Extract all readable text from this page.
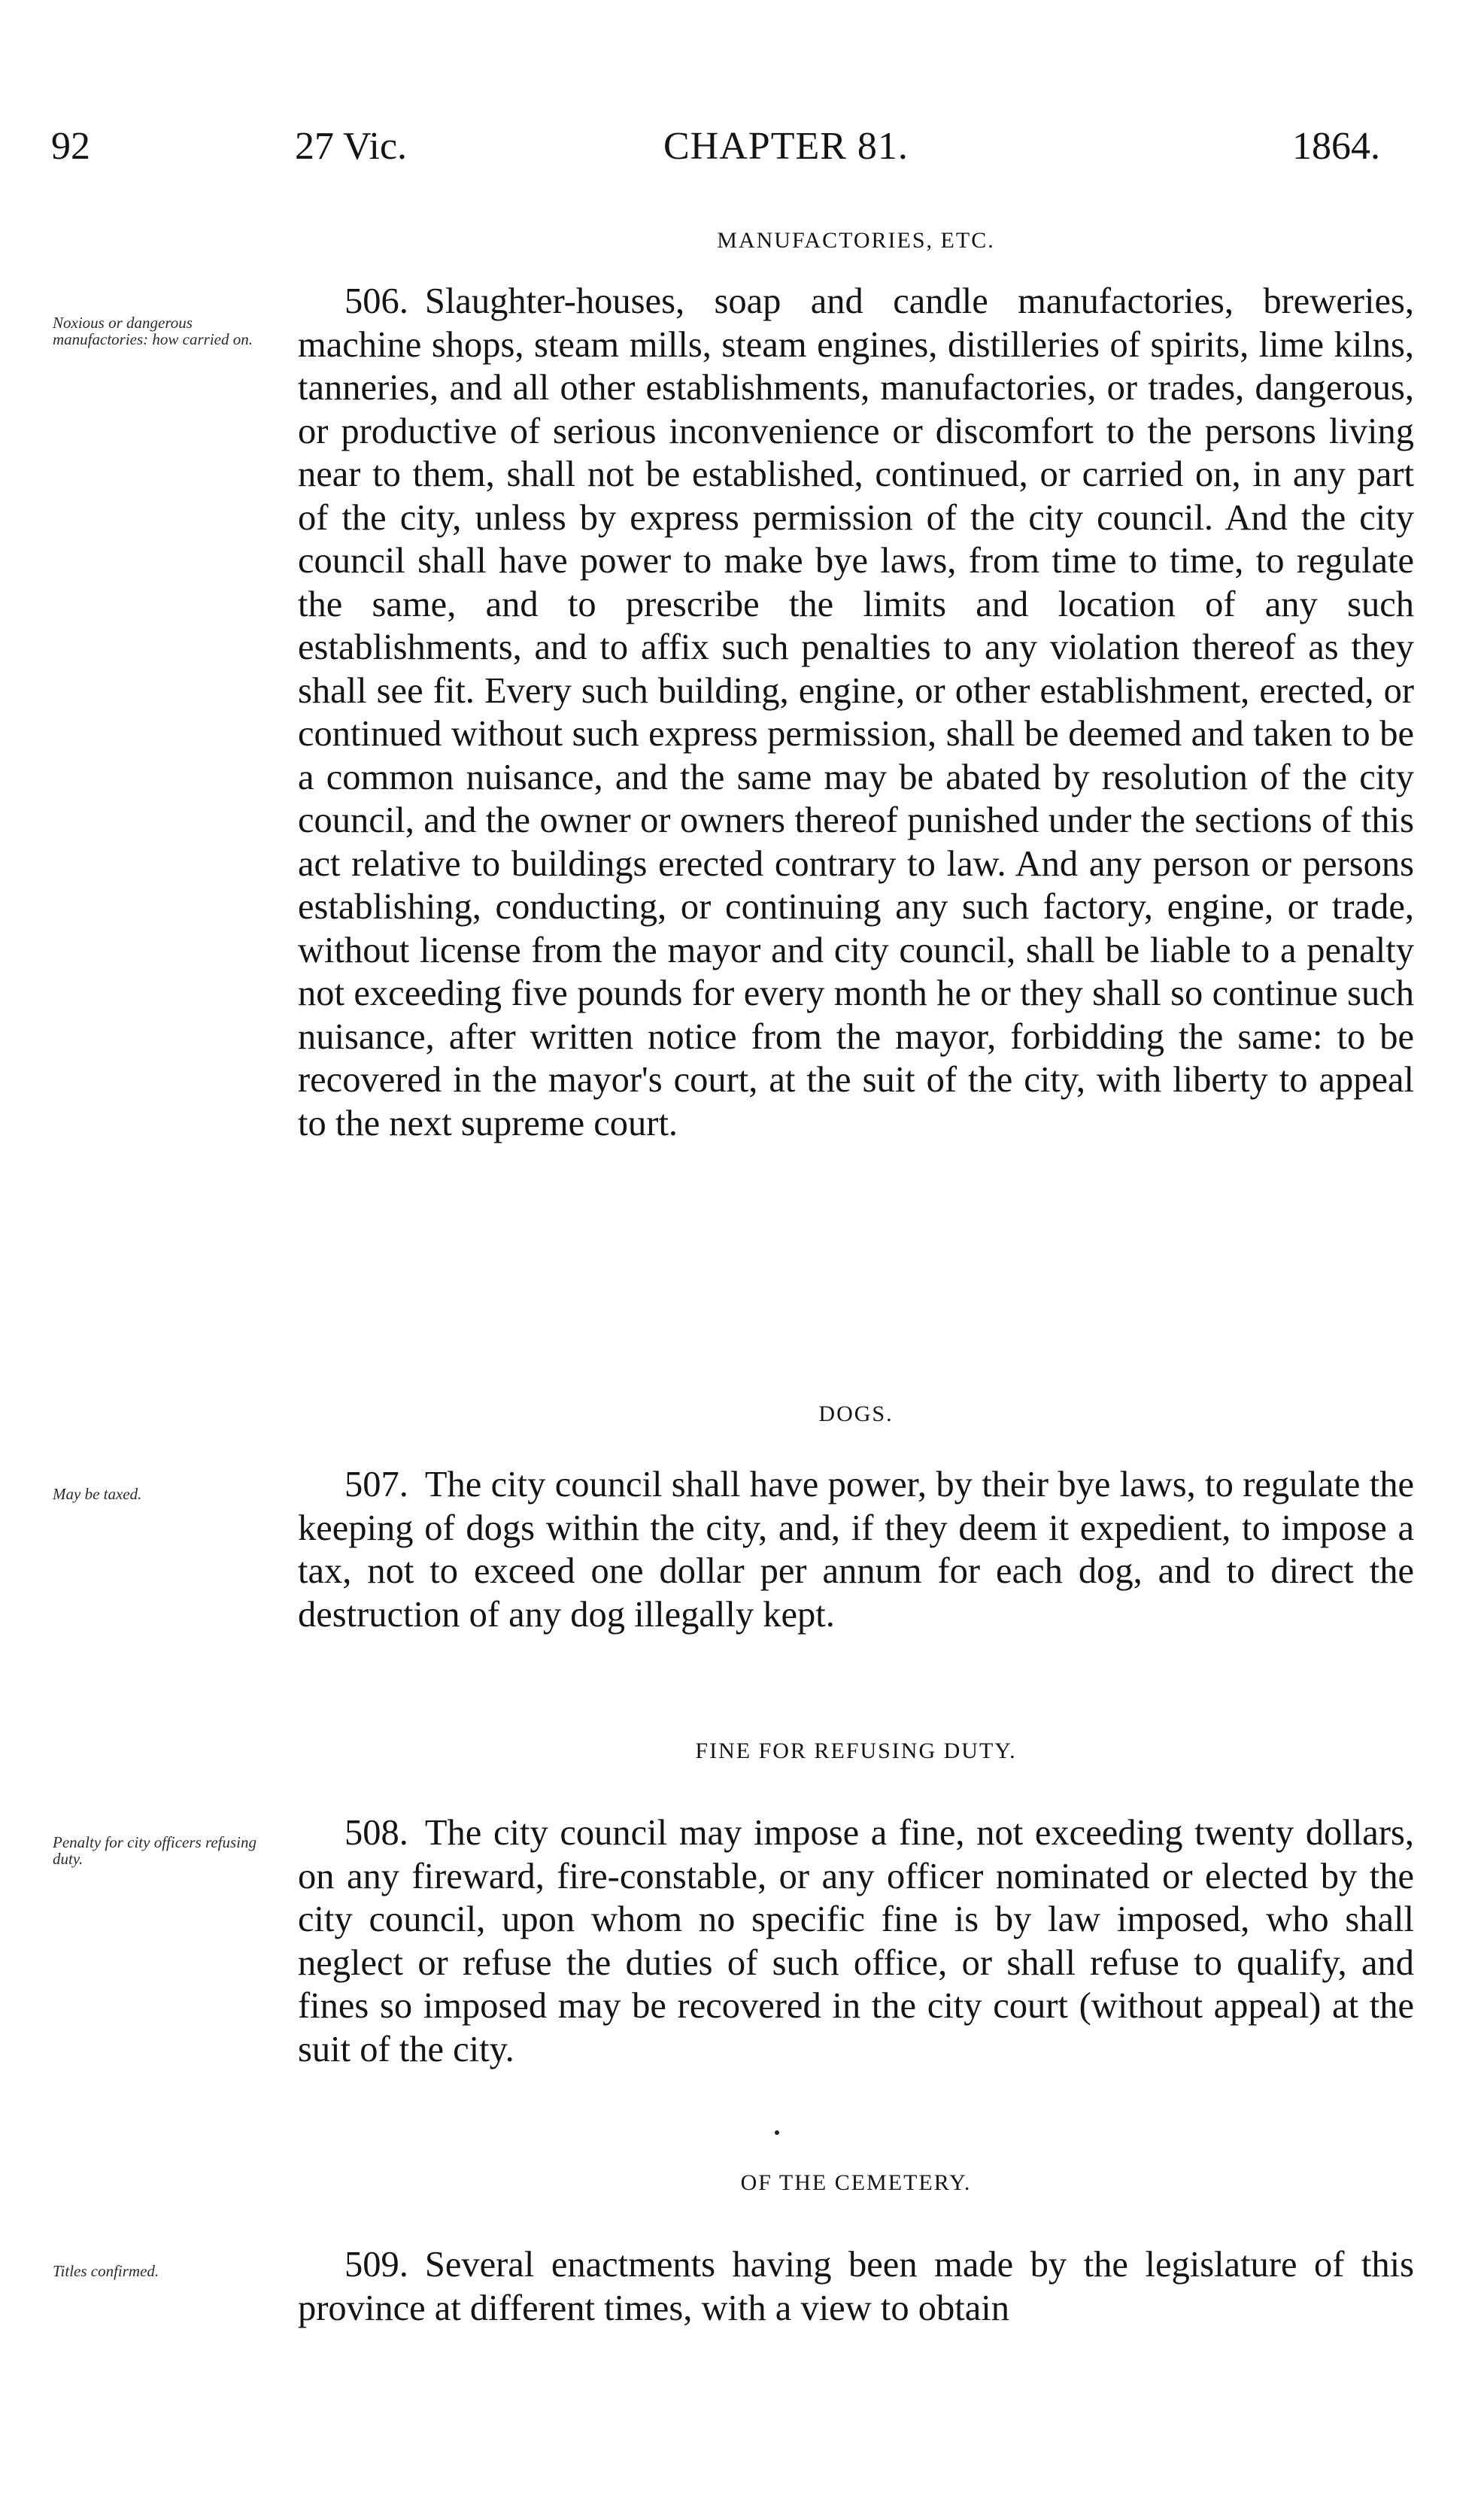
92	27 Vic.	CHAPTER 81.	1864.
MANUFACTORIES, ETC.
Noxious or dangerous manufactories: how carried on.
506. Slaughter-houses, soap and candle manufactories, breweries, machine shops, steam mills, steam engines, distilleries of spirits, lime kilns, tanneries, and all other establishments, manufactories, or trades, dangerous, or productive of serious inconvenience or discomfort to the persons living near to them, shall not be established, continued, or carried on, in any part of the city, unless by express permission of the city council. And the city council shall have power to make bye laws, from time to time, to regulate the same, and to prescribe the limits and location of any such establishments, and to affix such penalties to any violation thereof as they shall see fit. Every such building, engine, or other establishment, erected, or continued without such express permission, shall be deemed and taken to be a common nuisance, and the same may be abated by resolution of the city council, and the owner or owners thereof punished under the sections of this act relative to buildings erected contrary to law. And any person or persons establishing, conducting, or continuing any such factory, engine, or trade, without license from the mayor and city council, shall be liable to a penalty not exceeding five pounds for every month he or they shall so continue such nuisance, after written notice from the mayor, forbidding the same: to be recovered in the mayor's court, at the suit of the city, with liberty to appeal to the next supreme court.
DOGS.
May be taxed.	507. The city council shall have power, by their bye laws, to regulate the keeping of dogs within the city, and, if they deem it expedient, to impose a tax, not to exceed one dollar per annum for each dog, and to direct the destruction of any dog illegally kept.
FINE FOR REFUSING DUTY.
Penalty for city officers refusing duty.
508. The city council may impose a fine, not exceeding twenty dollars, on any fireward, fire-constable, or any officer nominated or elected by the city council, upon whom no specific fine is by law imposed, who shall neglect or refuse the duties of such office, or shall refuse to qualify, and fines so imposed may be recovered in the city court (without appeal) at the suit of the city.
OF THE CEMETERY.
Titles confirmed.	509. Several enactments having been made by the legislature of this province at different times, with a view to obtain
